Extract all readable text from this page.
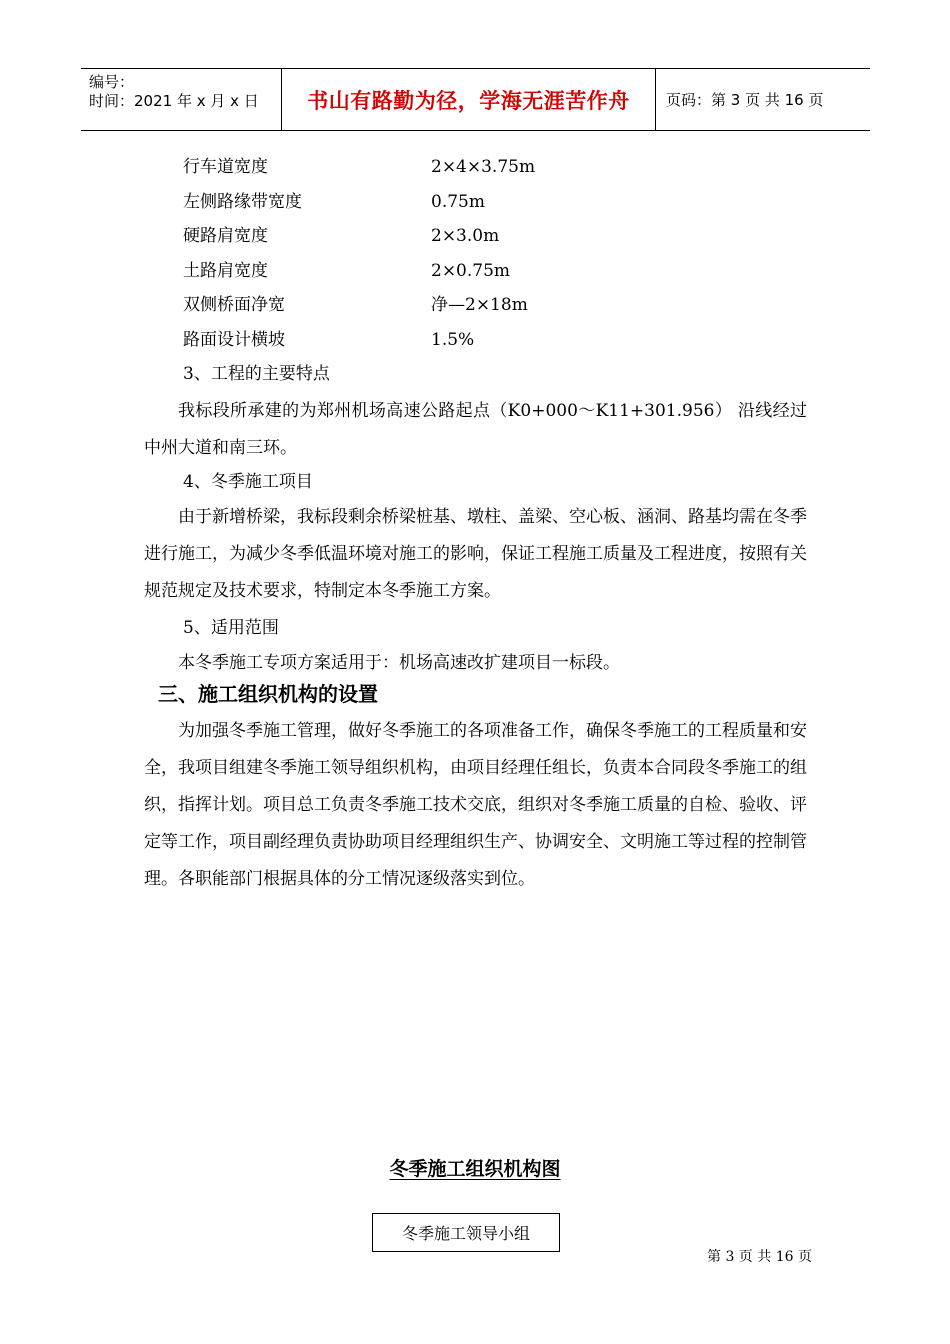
编号：
时间：2021 年 x 月 x 日	书山有路勤为径，学海无涯苦作舟 页码：第 3 页 共 16 页
行车道宽度	2×4×3.75m
左侧路缘带宽度	0.75m
硬路肩宽度	2×3.0m
土路肩宽度	2×0.75m
双侧桥面净宽	净—2×18m
路面设计横坡	1.5%
3、工程的主要特点

我标段所承建的为郑州机场高速公路起点（K0+000～K11+301.956） 沿线经过中州大道和南三环。

4、冬季施工项目

由于新增桥梁，我标段剩余桥梁桩基、墩柱、盖梁、空心板、涵洞、路基均需在冬季进行施工，为减少冬季低温环境对施工的影响，保证工程施工质量及工程进度，按照有关规范规定及技术要求，特制定本冬季施工方案。

5、适用范围

本冬季施工专项方案适用于：机场高速改扩建项目一标段。

三、施工组织机构的设置

为加强冬季施工管理，做好冬季施工的各项准备工作，确保冬季施工的工程质量和安全，我项目组建冬季施工领导组织机构，由项目经理任组长，负责本合同段冬季施工的组织，指挥计划。项目总工负责冬季施工技术交底，组织对冬季施工质量的自检、验收、评定等工作，项目副经理负责协助项目经理组织生产、协调安全、文明施工等过程的控制管理。各职能部门根据具体的分工情况逐级落实到位。

冬季施工组织机构图
冬季施工领导小组
第 3 页 共 16 页
